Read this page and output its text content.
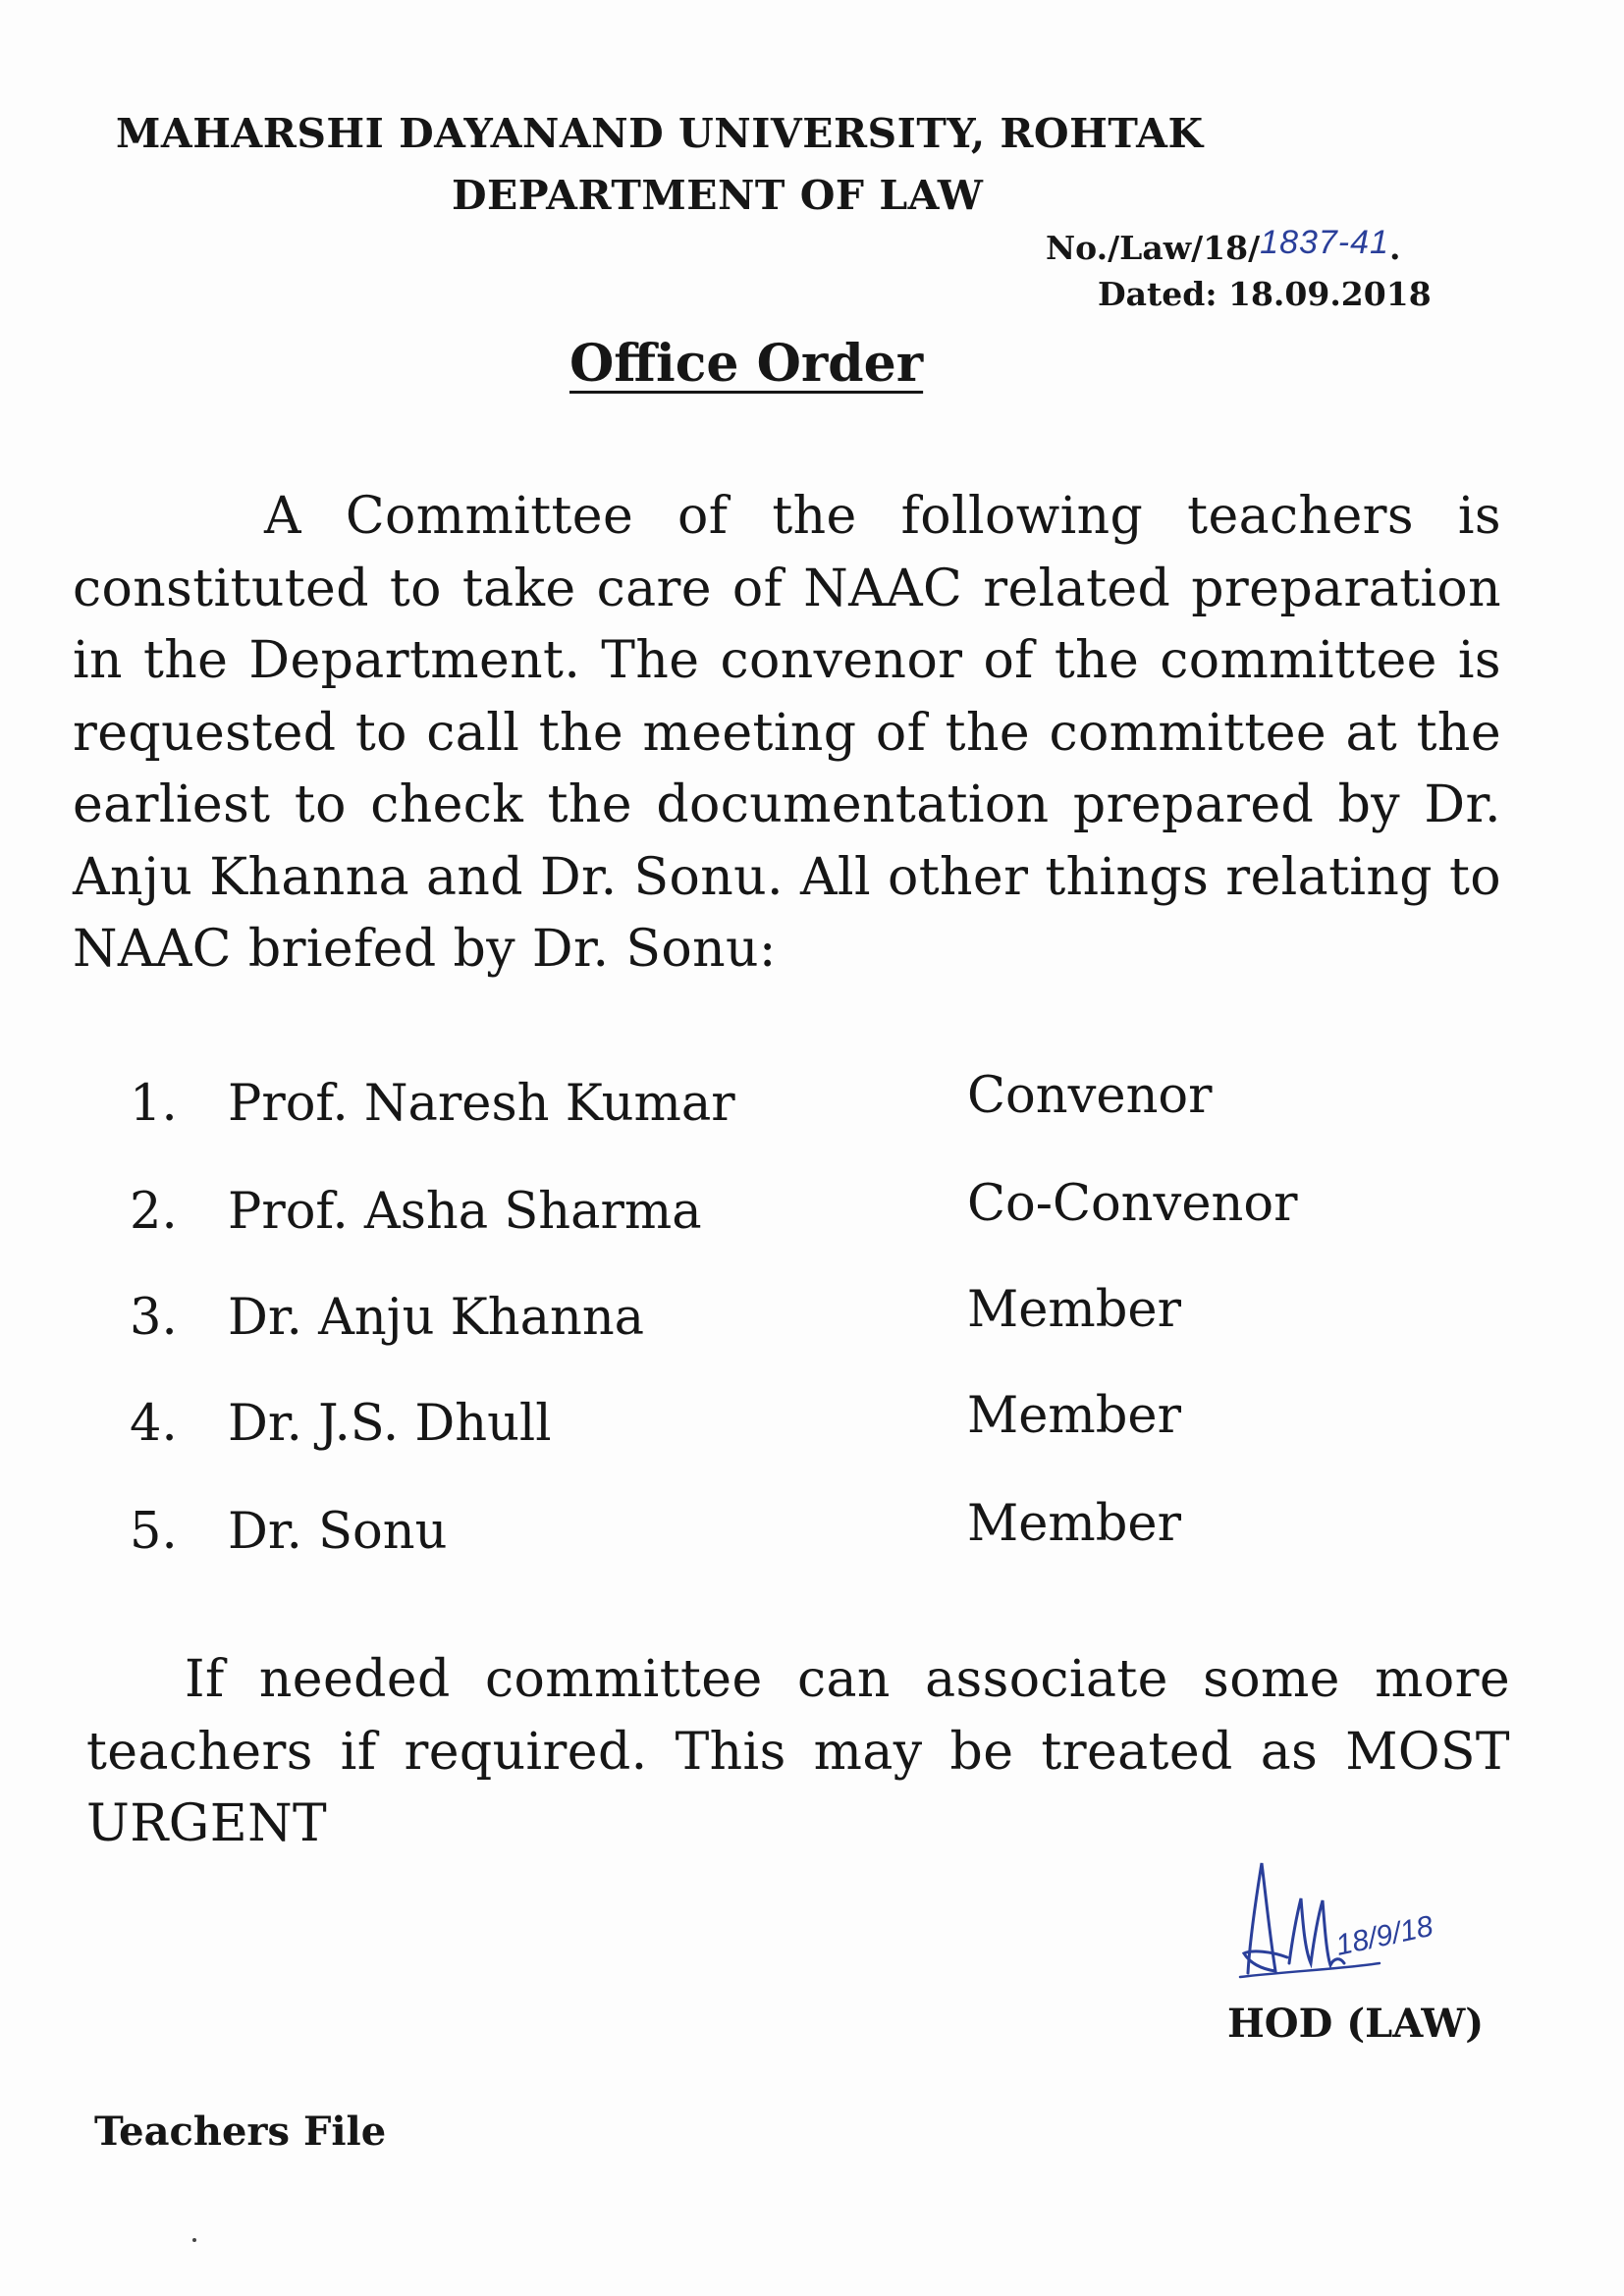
MAHARSHI DAYANAND UNIVERSITY, ROHTAK
DEPARTMENT OF LAW
No./Law/18/1837-41.
Dated: 18.09.2018
Office Order

A Committee of the following teachers is constituted to take care of NAAC related preparation in the Department. The convenor of the committee is requested to call the meeting of the committee at the earliest to check the documentation prepared by Dr. Anju Khanna and Dr. Sonu. All other things relating to NAAC briefed by Dr. Sonu:

1. Prof. Naresh Kumar	Convenor
2. Prof. Asha Sharma	Co-Convenor
3. Dr. Anju Khanna	Member
4. Dr. J.S. Dhull	Member
5. Dr. Sonu	Member

If needed committee can associate some more teachers if required. This may be treated as MOST URGENT

18/9/18
HOD (LAW)
Teachers File
